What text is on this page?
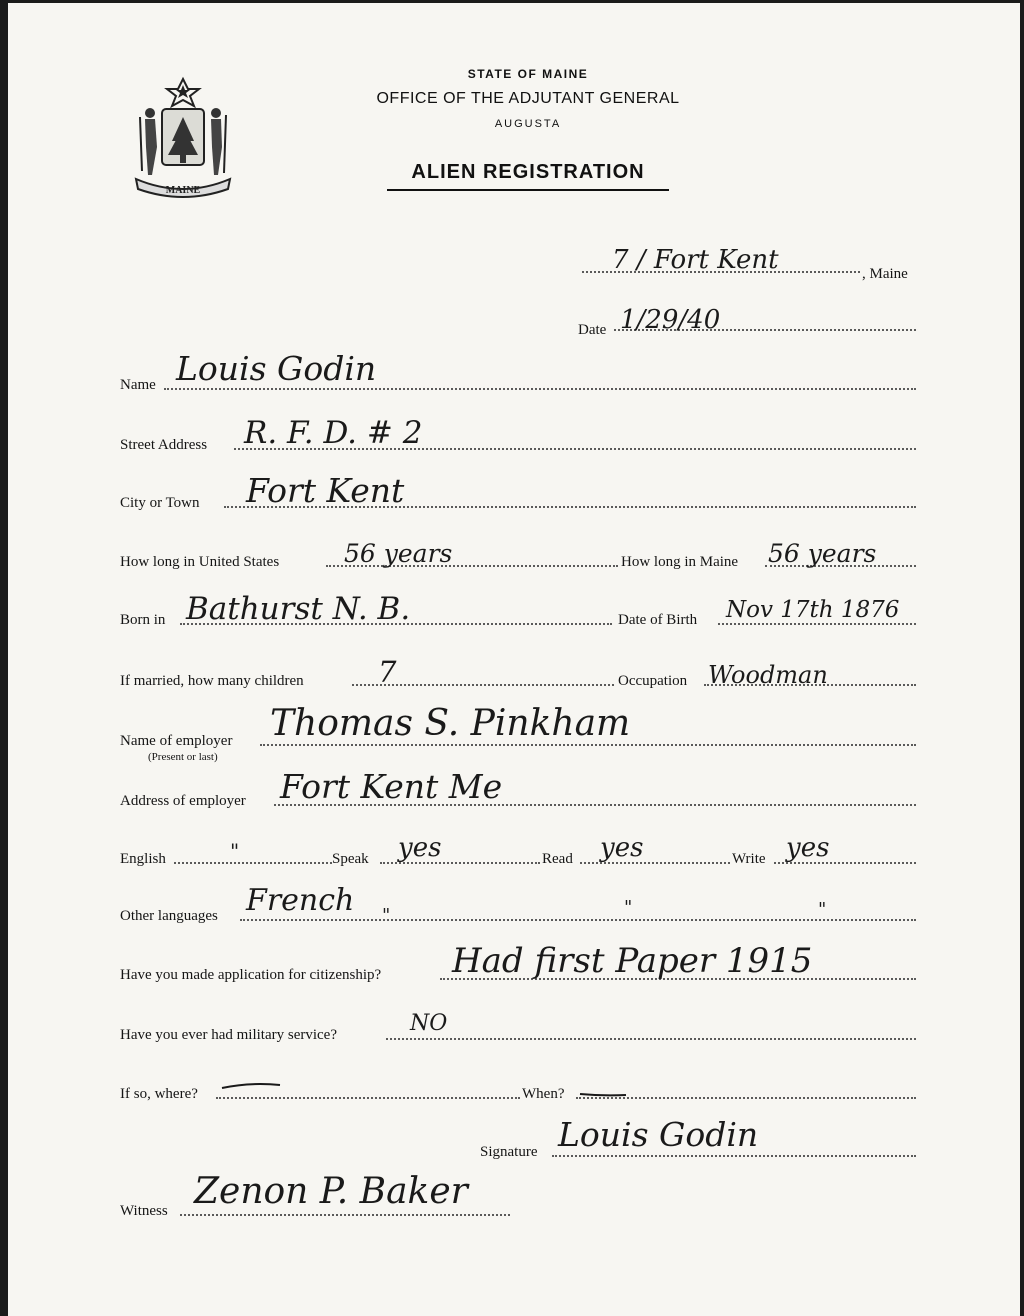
MAINE
STATE OF MAINE
OFFICE OF THE ADJUTANT GENERAL
AUGUSTA
ALIEN REGISTRATION
7 / Fort Kent	, Maine
Date 1/29/40
Name Louis Godin
Street Address R. F. D. # 2
City or Town Fort Kent
How long in United States	56 years	How long in Maine 56 years
Born in Bathurst N. B.	Date of Birth Nov 17th 1876
If married, how many children	7	Occupation Woodman
Name of employer
(Present or last)
Thomas S. Pinkham
Address of employer Fort Kent Me
English	"	Speak yes	Read yes	Write yes
Other languages French "	"	"
Have you made application for citizenship? Had first Paper 1915
Have you ever had military service?	NO
If so, where?	When?
Signature Louis Godin
Witness Zenon P. Baker
